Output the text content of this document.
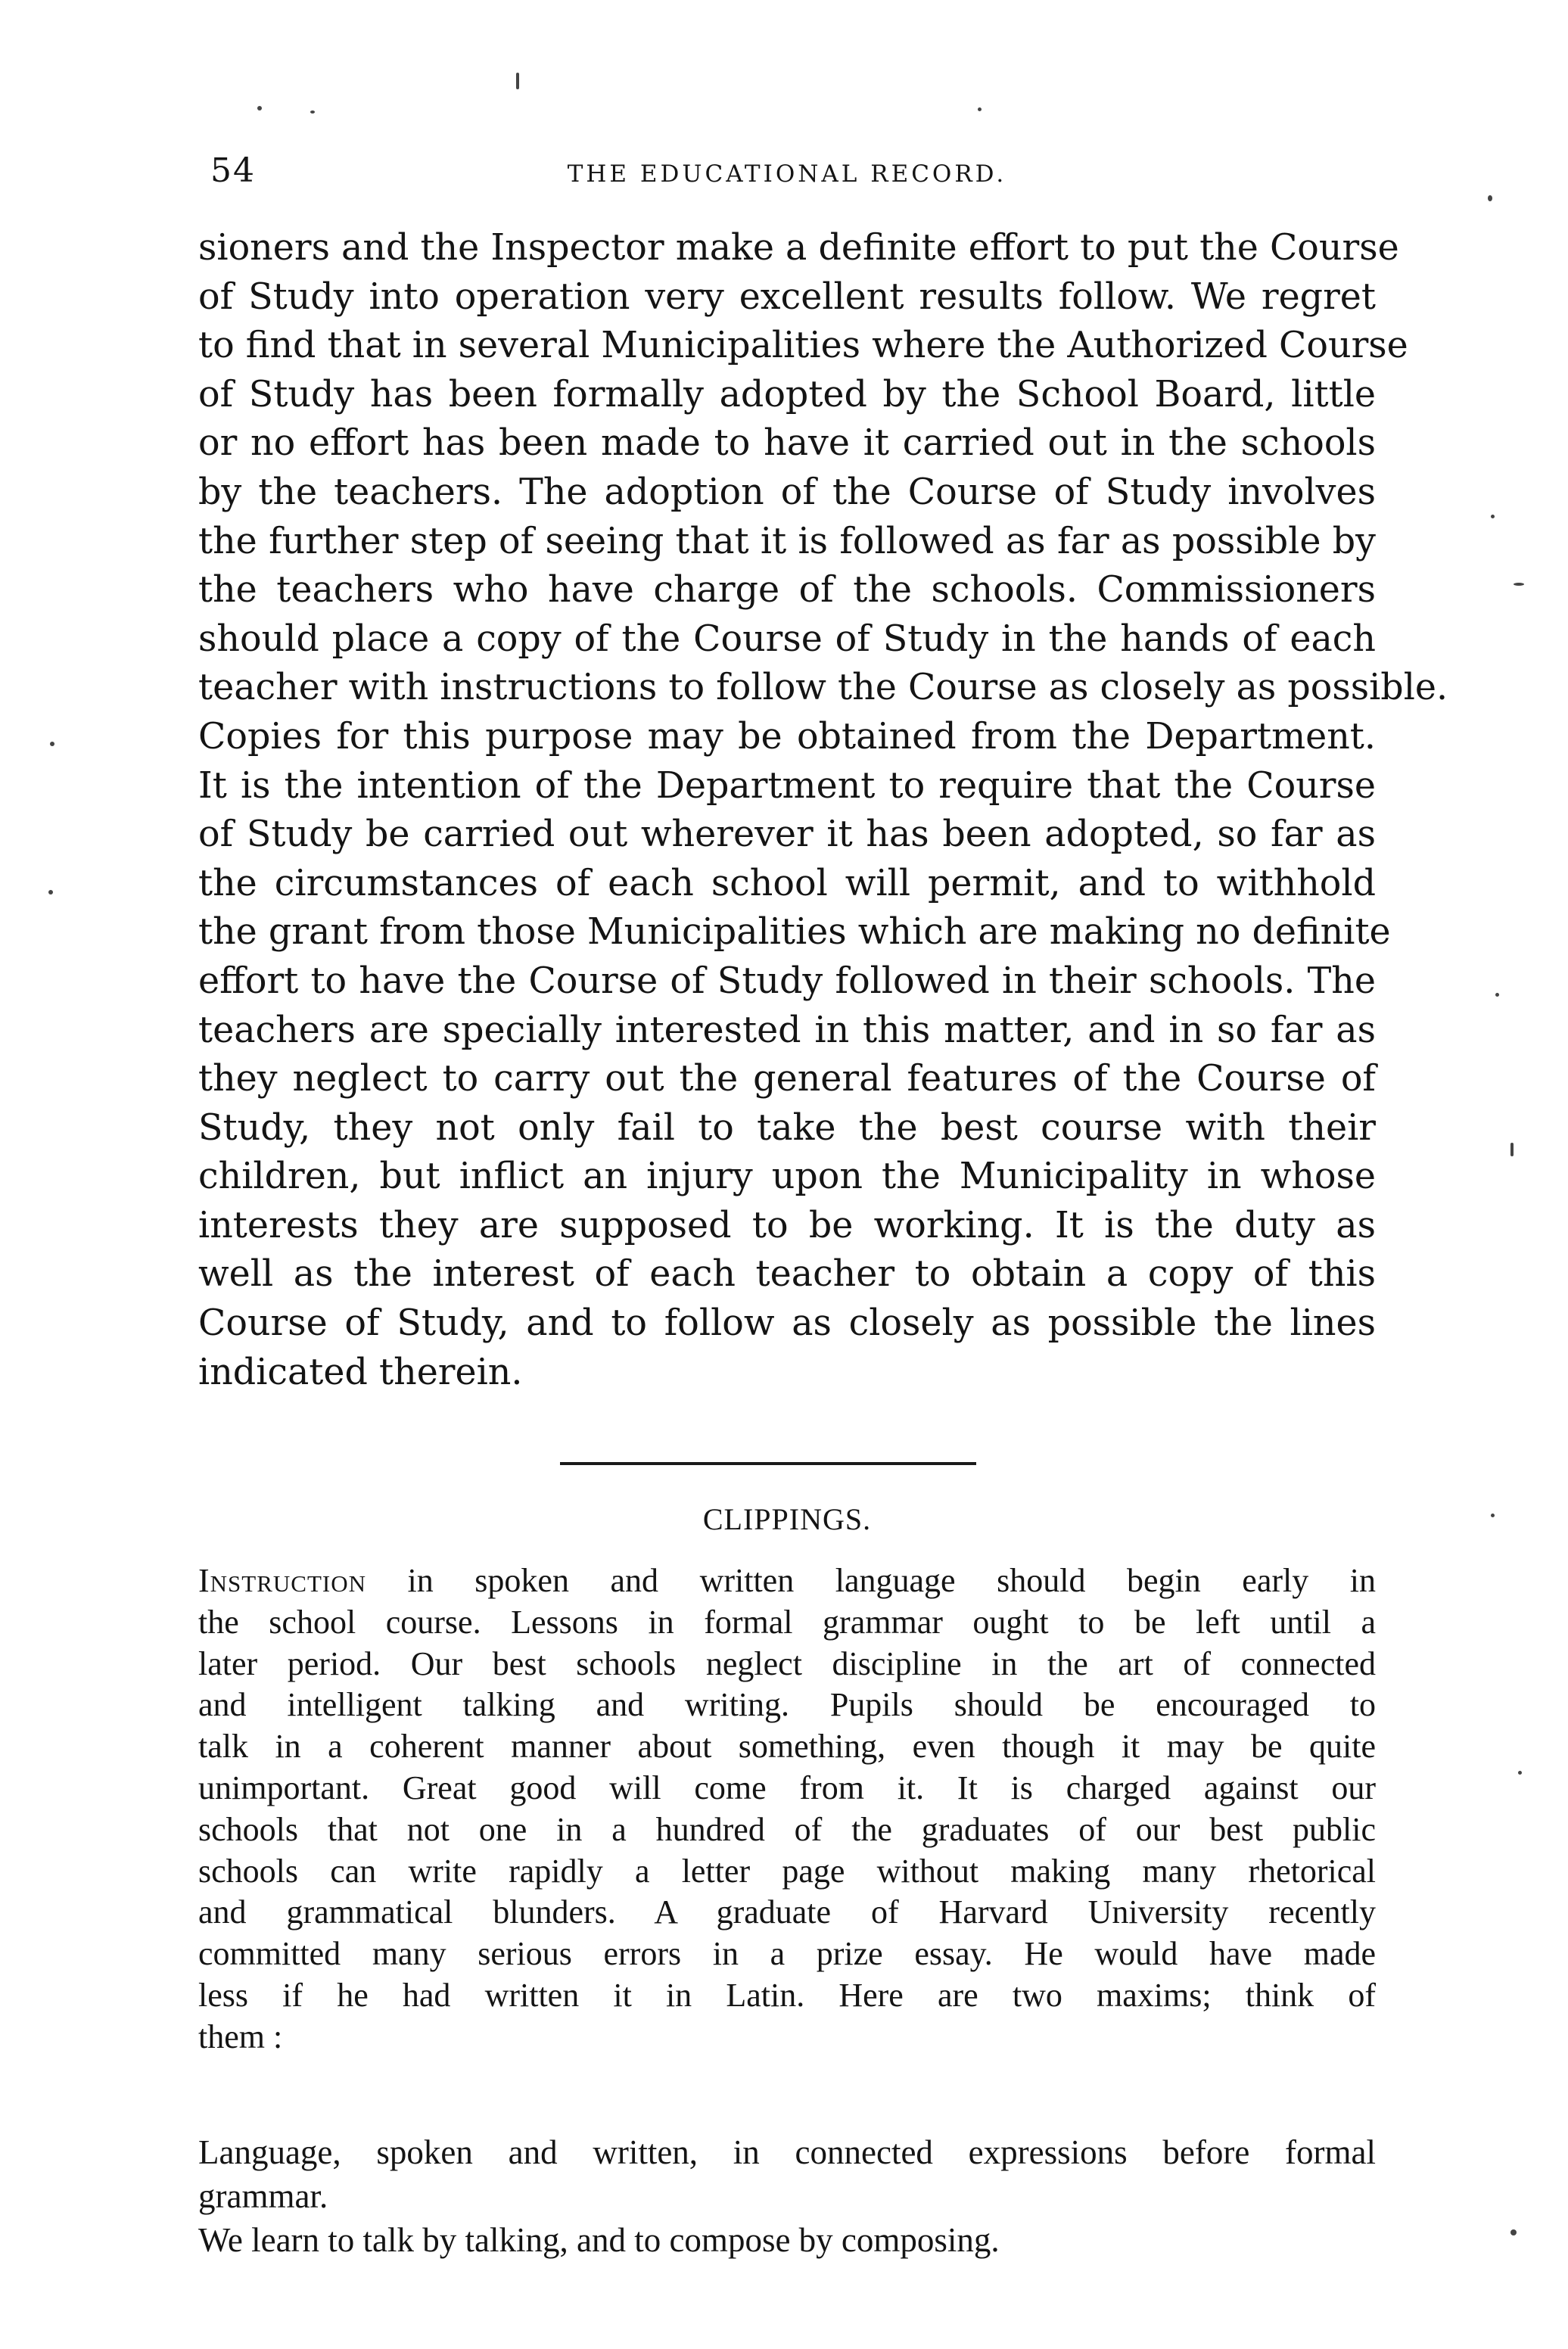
54	THE EDUCATIONAL RECORD.
sioners and the Inspector make a definite effort to put the Course
of Study into operation very excellent results follow. We regret
to find that in several Municipalities where the Authorized Course
of Study has been formally adopted by the School Board, little
or no effort has been made to have it carried out in the schools
by the teachers. The adoption of the Course of Study involves
the further step of seeing that it is followed as far as possible by
the teachers who have charge of the schools. Commissioners
should place a copy of the Course of Study in the hands of each
teacher with instructions to follow the Course as closely as possible.
Copies for this purpose may be obtained from the Department.
It is the intention of the Department to require that the Course
of Study be carried out wherever it has been adopted, so far as
the circumstances of each school will permit, and to withhold
the grant from those Municipalities which are making no definite
effort to have the Course of Study followed in their schools. The
teachers are specially interested in this matter, and in so far as
they neglect to carry out the general features of the Course of
Study, they not only fail to take the best course with their
children, but inflict an injury upon the Municipality in whose
interests they are supposed to be working. It is the duty as
well as the interest of each teacher to obtain a copy of this
Course of Study, and to follow as closely as possible the lines
indicated therein.
CLIPPINGS.
Instruction in spoken and written language should begin early in
the school course. Lessons in formal grammar ought to be left until a
later period. Our best schools neglect discipline in the art of connected
and intelligent talking and writing. Pupils should be encouraged to
talk in a coherent manner about something, even though it may be quite
unimportant. Great good will come from it. It is charged against our
schools that not one in a hundred of the graduates of our best public
schools can write rapidly a letter page without making many rhetorical
and grammatical blunders. A graduate of Harvard University recently
committed many serious errors in a prize essay. He would have made
less if he had written it in Latin. Here are two maxims; think of
them :
Language, spoken and written, in connected expressions before formal
grammar.
We learn to talk by talking, and to compose by composing.
